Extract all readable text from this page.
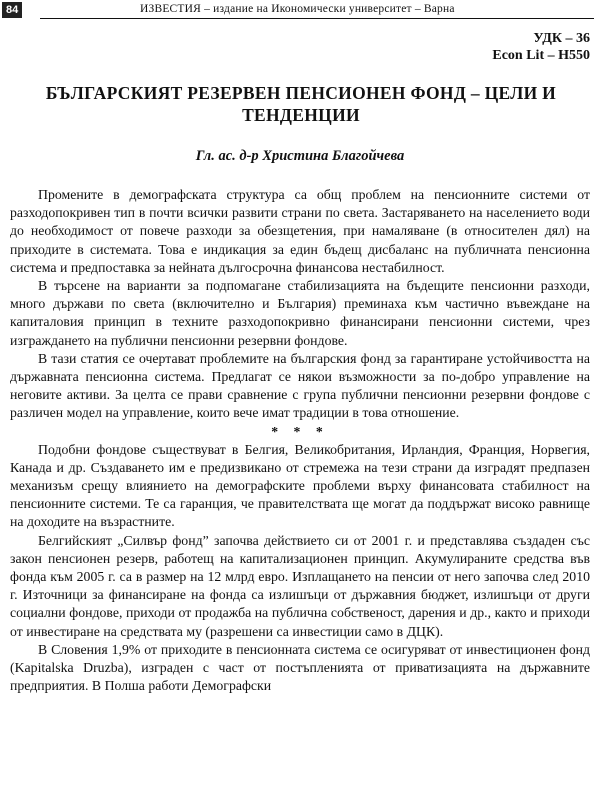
84	ИЗВЕСТИЯ – издание на Икономически университет – Варна
УДК – 36
Econ Lit – H550
БЪЛГАРСКИЯТ РЕЗЕРВЕН ПЕНСИОНЕН ФОНД – ЦЕЛИ И ТЕНДЕНЦИИ
Гл. ас. д-р Христина Благойчева

Промените в демографската структура са общ проблем на пенсионните системи от разходопокривен тип в почти всички развити страни по света. Застаряването на населението води до необходимост от повече разходи за обезщетения, при намаляване (в относителен дял) на приходите в системата. Това е индикация за един бъдещ дисбаланс на публичната пенсионна система и предпоставка за нейната дългосрочна финансова нестабилност.

В търсене на варианти за подпомагане стабилизацията на бъдещите пенсионни разходи, много държави по света (включително и България) преминаха към частично въвеждане на капиталовия принцип в техните разходопокривно финансирани пенсионни системи, чрез изграждането на публични пенсионни резервни фондове.

В тази статия се очертават проблемите на българския фонд за гарантиране устойчивостта на държавната пенсионна система. Предлагат се някои възможности за по-добро управление на неговите активи. За целта се прави сравнение с група публични пенсионни резервни фондове с различен модел на управление, които вече имат традиции в това отношение.

* * *

Подобни фондове съществуват в Белгия, Великобритания, Ирландия, Франция, Норвегия, Канада и др. Създаването им е предизвикано от стремежа на тези страни да изградят предпазен механизъм срещу влиянието на демографските проблеми върху финансовата стабилност на пенсионните системи. Те са гаранция, че правителствата ще могат да поддържат високо равнище на доходите на възрастните.

Белгийският „Силвър фонд” започва действието си от 2001 г. и представлява създаден със закон пенсионен резерв, работещ на капитализационен принцип. Акумулираните средства във фонда към 2005 г. са в размер на 12 млрд евро. Изплащането на пенсии от него започва след 2010 г. Източници за финансиране на фонда са излишъци от държавния бюджет, излишъци от други социални фондове, приходи от продажба на публична собственост, дарения и др., както и приходи от инвестиране на средствата му (разрешени са инвестиции само в ДЦК).

В Словения 1,9% от приходите в пенсионната система се осигуряват от инвестиционен фонд (Kapitalska Druzba), изграден с част от постъпленията от приватизацията на държавните предприятия. В Полша работи Демографски
